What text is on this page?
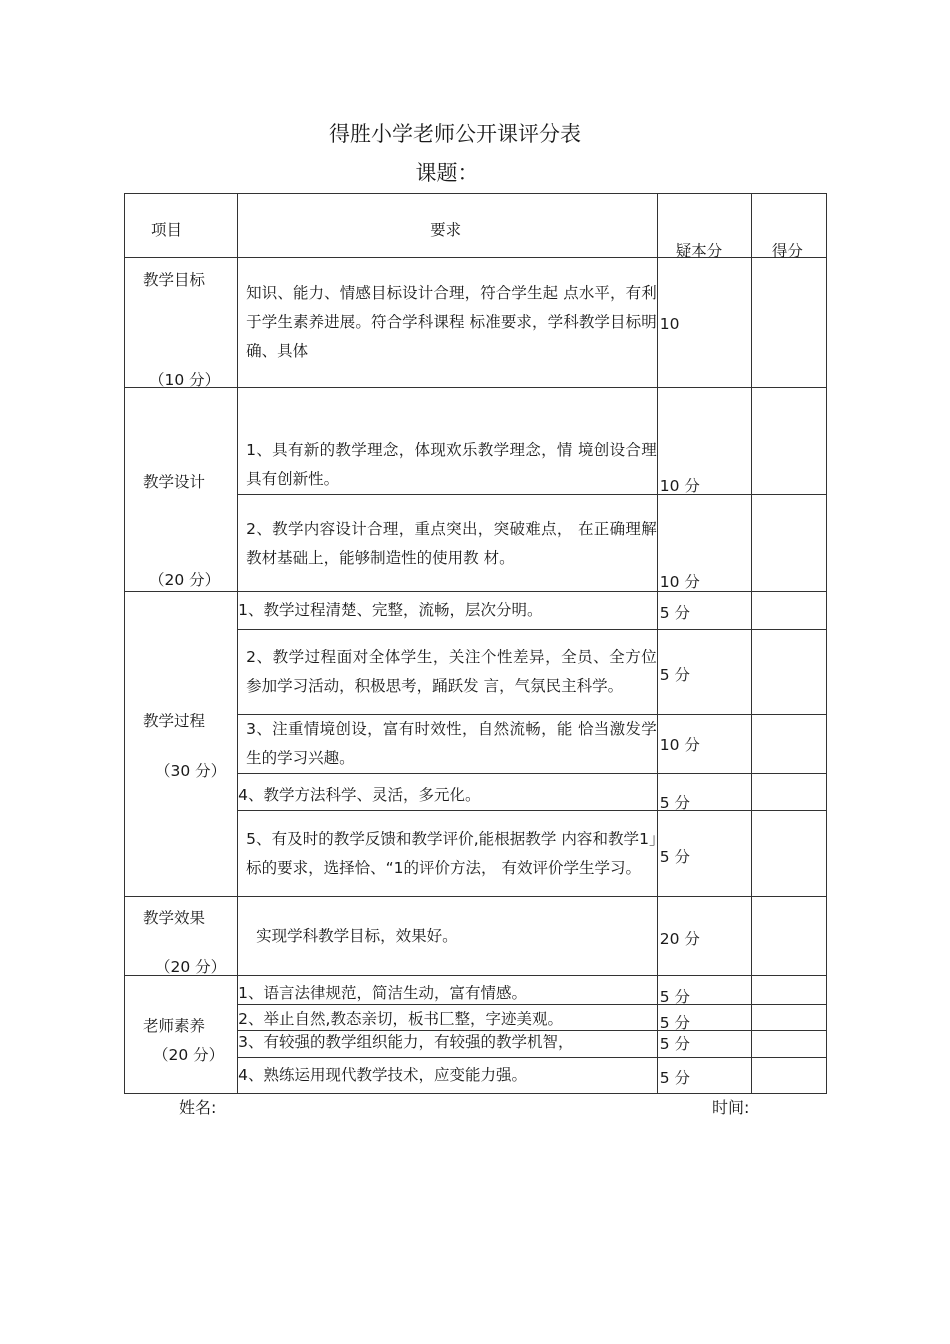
得胜小学老师公开课评分表
课题：
项目	要求	疑本分	得分

教学目标
（10 分）	知识、能力、情感目标设计合理，符合学生起 点水平，有利于学生素养进展。符合学科课程 标准要求，学科教学目标明确、具体	10	

教学设计
（20 分）	1、具有新的教学理念，体现欢乐教学理念，情 境创设合理具有创新性。	10 分	

	2、教学内容设计合理，重点突出，突破难点， 在正确理解教材基础上，能够制造性的使用教 材。	10 分	

教学过程
（30 分）	1、教学过程清楚、完整，流畅，层次分明。	5 分	

	2、教学过程面对全体学生，关注个性差异，全员、全方位参加学习活动，积极思考，踊跃发 言，气氛民主科学。	5 分	

	3、注重情境创设，富有时效性，自然流畅，能 恰当激发学生的学习兴趣。	10 分	

	4、教学方法科学、灵活，多元化。	5 分	

	5、有及时的教学反馈和教学评价,能根据教学 内容和教学1」标的要求，选择恰、“1的评价方法， 有效评价学生学习。	5 分	

教学效果
（20 分）	实现学科教学目标，效果好。	20 分	

老师素养
（20 分）	1、语言法律规范，简洁生动，富有情感。	5 分	

	2、举止自然,教态亲切，板书匚整，字迹美观。	5 分	

	3、有较强的教学组织能力，有较强的教学机智，	5 分	

	4、熟练运用现代教学技术，应变能力强。	5 分	

姓名:	时间:
